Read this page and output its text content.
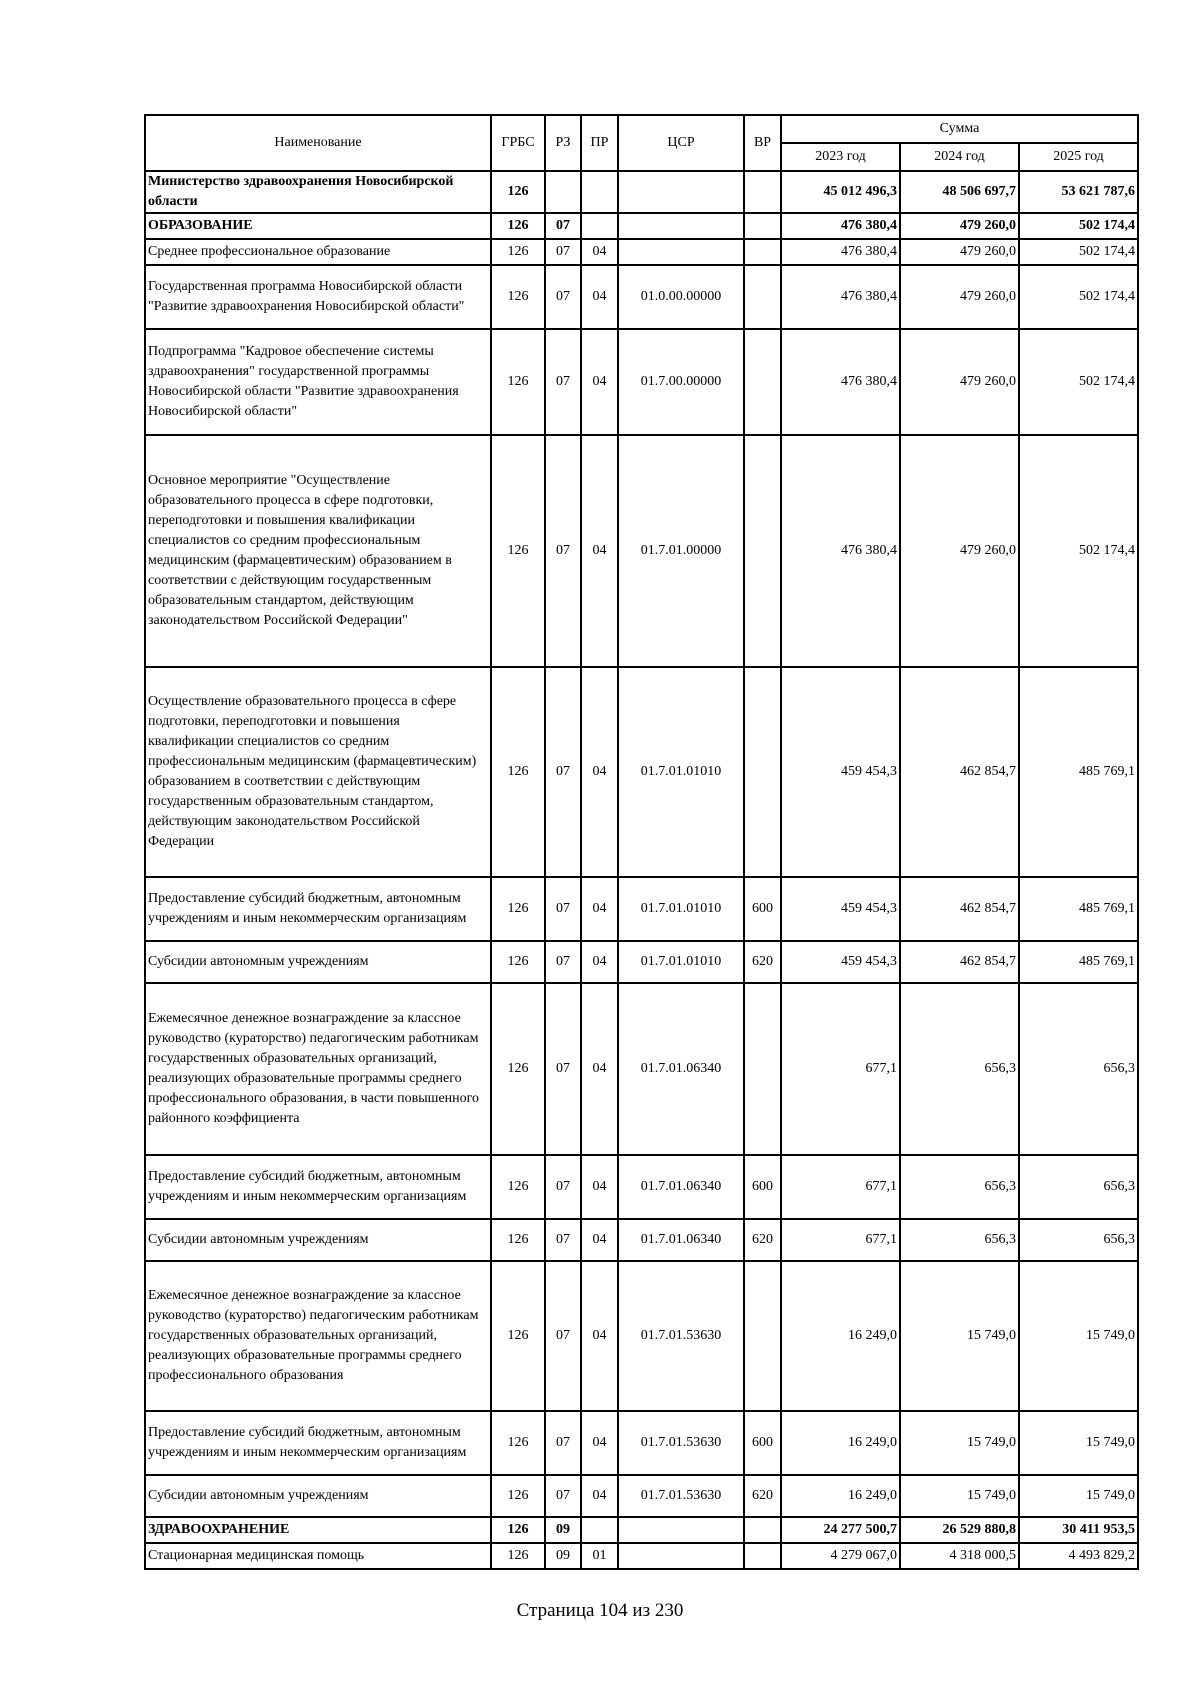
Наименование	ГРБС	РЗ	ПР	ЦСР	ВР	Сумма		
						2023 год	2024 год	2025 год
Министерство здравоохранения Новосибирской области	126					45 012 496,3	48 506 697,7	53 621 787,6
ОБРАЗОВАНИЕ	126	07				476 380,4	479 260,0	502 174,4
Среднее профессиональное образование	126	07	04			476 380,4	479 260,0	502 174,4
Государственная программа Новосибирской области "Развитие здравоохранения Новосибирской области"	126	07	04	01.0.00.00000		476 380,4	479 260,0	502 174,4
Подпрограмма "Кадровое обеспечение системы здравоохранения" государственной программы Новосибирской области "Развитие здравоохранения Новосибирской области"	126	07	04	01.7.00.00000		476 380,4	479 260,0	502 174,4
Основное мероприятие "Осуществление образовательного процесса в сфере подготовки, переподготовки и повышения квалификации специалистов со средним профессиональным медицинским (фармацевтическим) образованием в соответствии с действующим государственным образовательным стандартом, действующим законодательством Российской Федерации"	126	07	04	01.7.01.00000		476 380,4	479 260,0	502 174,4
Осуществление образовательного процесса в сфере подготовки, переподготовки и повышения квалификации специалистов со средним профессиональным медицинским (фармацевтическим) образованием в соответствии с действующим государственным образовательным стандартом, действующим законодательством Российской Федерации	126	07	04	01.7.01.01010		459 454,3	462 854,7	485 769,1
Предоставление субсидий бюджетным, автономным учреждениям и иным некоммерческим организациям	126	07	04	01.7.01.01010	600	459 454,3	462 854,7	485 769,1
Субсидии автономным учреждениям	126	07	04	01.7.01.01010	620	459 454,3	462 854,7	485 769,1
Ежемесячное денежное вознаграждение за классное руководство (кураторство) педагогическим работникам государственных образовательных организаций, реализующих образовательные программы среднего профессионального образования, в части повышенного районного коэффициента	126	07	04	01.7.01.06340		677,1	656,3	656,3
Предоставление субсидий бюджетным, автономным учреждениям и иным некоммерческим организациям	126	07	04	01.7.01.06340	600	677,1	656,3	656,3
Субсидии автономным учреждениям	126	07	04	01.7.01.06340	620	677,1	656,3	656,3
Ежемесячное денежное вознаграждение за классное руководство (кураторство) педагогическим работникам государственных образовательных организаций, реализующих образовательные программы среднего профессионального образования	126	07	04	01.7.01.53630		16 249,0	15 749,0	15 749,0
Предоставление субсидий бюджетным, автономным учреждениям и иным некоммерческим организациям	126	07	04	01.7.01.53630	600	16 249,0	15 749,0	15 749,0
Субсидии автономным учреждениям	126	07	04	01.7.01.53630	620	16 249,0	15 749,0	15 749,0
ЗДРАВООХРАНЕНИЕ	126	09				24 277 500,7	26 529 880,8	30 411 953,5
Стационарная медицинская помощь	126	09	01			4 279 067,0	4 318 000,5	4 493 829,2
Страница 104 из 230
